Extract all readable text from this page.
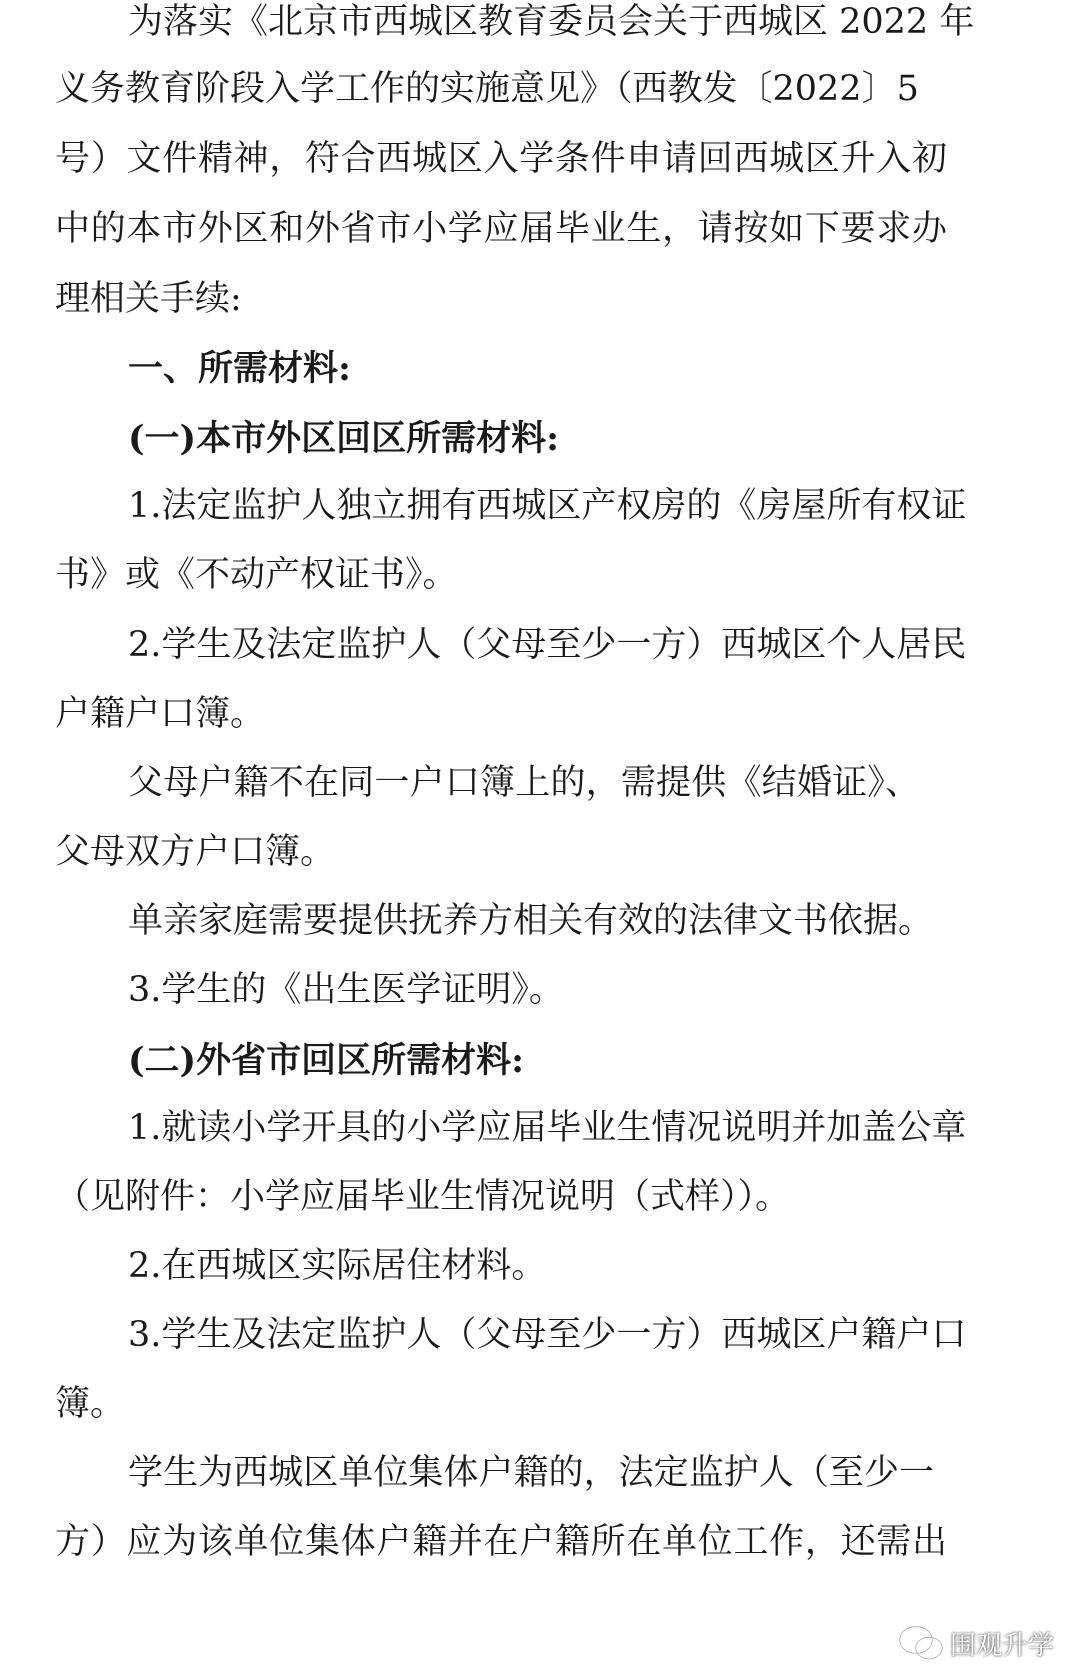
为落实《北京市西城区教育委员会关于西城区 2022 年
义务教育阶段入学工作的实施意见》（西教发〔2022〕5
号）文件精神，符合西城区入学条件申请回西城区升入初
中的本市外区和外省市小学应届毕业生，请按如下要求办
理相关手续:
一、所需材料:
(一)本市外区回区所需材料:
1.法定监护人独立拥有西城区产权房的《房屋所有权证
书》或《不动产权证书》。
2.学生及法定监护人（父母至少一方）西城区个人居民
户籍户口簿。
父母户籍不在同一户口簿上的，需提供《结婚证》、
父母双方户口簿。
单亲家庭需要提供抚养方相关有效的法律文书依据。
3.学生的《出生医学证明》。
(二)外省市回区所需材料:
1.就读小学开具的小学应届毕业生情况说明并加盖公章
（见附件：小学应届毕业生情况说明（式样））。
2.在西城区实际居住材料。
3.学生及法定监护人（父母至少一方）西城区户籍户口
簿。
学生为西城区单位集体户籍的，法定监护人（至少一
方）应为该单位集体户籍并在户籍所在单位工作，还需出
围观升学
